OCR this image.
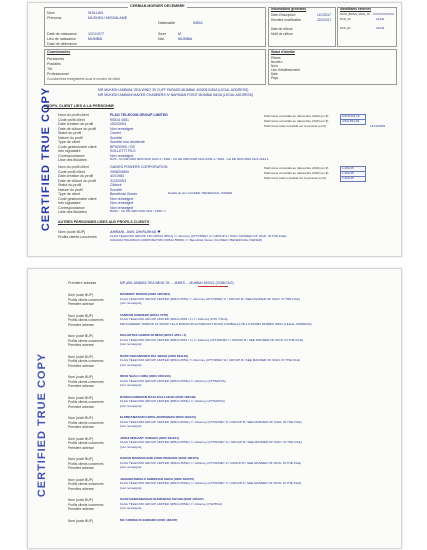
CERBIAN MORSER DECEMBRE
Nom
Prénoms
Date de naissance
Lieu de naissance
Date de délivrance
SHILLAN
MUSHEA / MISSALAME
12/1/1977
MUMBAI
Nationalité
Sexe
Nat.
INDIA
M
MUMBAI
Informations générales
Date d'inscription
Dernière modification
Date de clôture
Motif de clôture
11/2/2017
22/1/2017
Identifiants externes
NUM_BRAN_MAN_ID
PAN_ID
PAS_ID
COOCXXXXXX
31342
01234
Coordonnées
Personnes
Postales
Tél.
Professionnel
Coordonnées enregistrées sous le numéro de client
Statut d'identité
Pièces
Numéro
Nom
Lieu d'établissement
Date
Pays
MR MUKESH AMBANI 'SEA WIND' 39 CUFF PARADE,MUMBAI 400005 INDIA (LEGAL ADDRESS)
MR MUKESH AMBANI MAKER CHAMBERS IV NARIMAN POINT MUMBAI INDIA (LEGAL ADDRESS)
PROFIL CLIENT LIES A LA PERSONNE
Nom du profil client
Code profil client
Date création du profil
Date de clôture du profil
Statut du profil
Nature du profil
Type de client
Code gestionnaire client
Info signataire
Correspondance
Liste des titulaires
FLAG TELECOM GROUP LIMITED
90514 4551
15/2/2004
Non renseigné
Ouvert
Société
Société non résidente
BP002000 / CB
SOLLETTI FILS
Non renseigné
ROS - CH DE 0000 0000 0105 6104 4 / 1994 - CH DE 0000 0000 0120 0036 4 / 1994 - CH DE 0000 0000 0121 2044 4
Patrimoine consolidé au (décembre 2019) (en €)
Patrimoine consolidé au (décembre 2019) (en €)
Patrimoine total consolidé sur la période (en €)
9.616.616,16
4.511.811,04
12/12/2009
Nom du profil client
Code profil client
Date création du profil
Date de clôture du profil
Statut du profil
Nature du profil
Type de client
Code gestionnaire client
Info signataire
Correspondance
Liste des titulaires
GANGS POWERS CORPORATION
20082/9800
4/2/1983
31/3/2003
Clôturé
Société
Beneficial Owner
Non renseigné
Non renseigné
Non renseigné
BANC - CH DE 0000 0000 0111 / 1986 / 1
Détails du lien CLOSED / BENEFICIAL OWNER
Patrimoine consolidé au (décembre 2019) (en €)
Patrimoine consolidé au (décembre 2019) (en €)
Patrimoine total consolidé sur la période (en €)
1.403,25
1.403,25
1.403,25
AUTRES PERSONNES LIEES AUX PROFILS CLIENTS
Nom (code BUP)
Profils clients concernés
AMBANI, ANIL DHIRUBHAI ♥
FLAG TELECOM GROUP LTD (90514 45511) => Attorney (ATTORNEY A / GROUP A / SIGN. MANNER OF SIGN. IN THE FILE)
CANARA HOLDINGS CORPORATION (90514 55981) => Beneficial Owner (CLOSED / BENEFICIAL OWNER)
CERTIFIED TRUE COPY
Première adresse	MR ANIL AMBANI 'SEA WIND' 39 ... JAMES ... MUMBAI 400021 (DOMICILE)
Nom (code BUP)
Profils clients concernés
Première adresse
NANDIGIT RAMAN (0000 1950364)
FLAG TELECOM GROUP LIMITED (90514 4551) => Attorney (ATTORNEY F / GROUP B / SEE MANNER OF SIGN. IN THE FILE)
[non renseigné]
Nom (code BUP)
Profils clients concernés
Première adresse
TANDON SANDEEP (90514 0778)
FLAG TELECOM GROUP LIMITED (90514 4551 / 1) => Attorney (D76 / Hindi)
MR SANDEEP TANDON 24 SNOW VILLA BURAN 09 ALTAMOUNT ROAD CUMBALLA HILLS 400026 MUMBAI INDIA (LEGAL ADDRESS)
Nom (code BUP)
Profils clients concernés
Première adresse
MALHOTRA HARISH KUMAR (90514 4551 / 1)
FLAG TELECOM GROUP LIMITED (90514 4551 / 1) => Attorney (ATTORNEY I / GROUP B / SEE MANNER OF SIGN. IN THE FILE)
[non renseigné]
Nom (code BUP)
Profils clients concernés
Première adresse
DOSTI PARAMVEER PAL SINGH (0000 891140)
FLAG TELECOM GROUP LIMITED (90514 4551) => Attorney (ATTORNEY E / GROUP B / SEE MANNER OF SIGN. IN THE FILE)
[non renseigné]
Nom (code BUP)
Profils clients concernés
Première adresse
IRCEI SHALU HIRA (0000 0401163)
FLAG TELECOM GROUP LIMITED (90514 45511) => Attorney (ATT/MAH/A)
[non renseigné]
Nom (code BUP)
Profils clients concernés
Première adresse
RAMACHANDRAN RAJA KOLLAKAR (0000 180149)
FLAG TELECOM GROUP LIMITED (90514 45511) => Attorney (ATTMAH/A)
[non renseigné]
Nom (code BUP)
Profils clients concernés
Première adresse
ELEBRAMANAM GOPALAKRISHNAN (0000 182123)
FLAG TELECOM GROUP LIMITED (90514 45511) => Attorney (ATTORNEY H / GROUP B / SEE MANNER OF SIGN. IN THE FILE)
[non renseigné]
Nom (code BUP)
Profils clients concernés
Première adresse
JOSHI NISHANT VAISHAV (0000 182131)
FLAG TELECOM GROUP LIMITED (90514 45511) => Attorney (ATTORNEY G / GROUP B / SEE MANNER OF SIGN. IN THE FILE)
[non renseigné]
Nom (code BUP)
Profils clients concernés
Première adresse
SAROS MANSUKHANI ZUHR BRIGADE (0000 182154)
FLAG TELECOM GROUP LIMITED (90514 45511) => Attorney (ATTORNEY Z / GROUP B / SEE MANNER OF SIGN. IN THE FILE)
[non renseigné]
Nom (code BUP)
Profils clients concernés
Première adresse
JHUNJHUNWALA SHRIDHAR SHIVA (0000 182155)
FLAG TELECOM GROUP LIMITED (90514 45511) => Attorney (ATTORNEY C / GROUP A / SEE MANNER OF SIGN. IN THE FILE)
[non renseigné]
Nom (code BUP)
Profils clients concernés
Première adresse
SATHYANEESWARAN SUNDARAR SHYAM (0000 185197)
FLAG TELECOM GROUP LIMITED (90514 45511) => Attorney (ITA/HS/A)
[non renseigné]
Nom (code BUP)	MC CORMACK EDWARD (0000 182407)
CERTIFIED TRUE COPY
